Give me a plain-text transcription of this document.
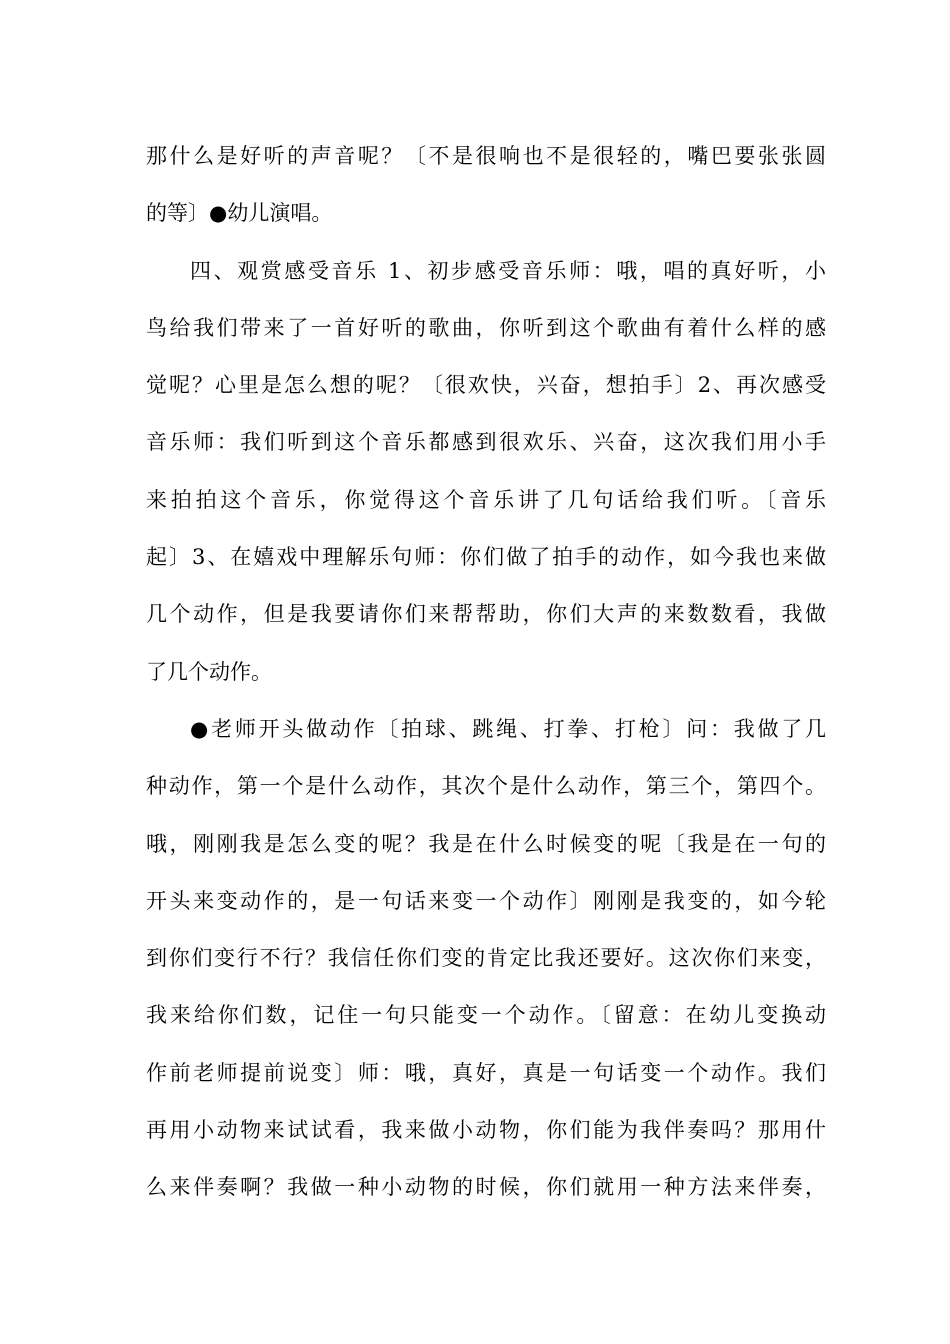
那什么是好听的声音呢？〔不是很响也不是很轻的，嘴巴要张张圆
的等〕●幼儿演唱。
四、观赏感受音乐 1、初步感受音乐师：哦，唱的真好听，小
鸟给我们带来了一首好听的歌曲，你听到这个歌曲有着什么样的感
觉呢？心里是怎么想的呢？〔很欢快，兴奋，想拍手〕2、再次感受
音乐师：我们听到这个音乐都感到很欢乐、兴奋，这次我们用小手
来拍拍这个音乐，你觉得这个音乐讲了几句话给我们听。〔音乐
起〕3、在嬉戏中理解乐句师：你们做了拍手的动作，如今我也来做
几个动作，但是我要请你们来帮帮助，你们大声的来数数看，我做
了几个动作。
●老师开头做动作〔拍球、跳绳、打拳、打枪〕问：我做了几
种动作，第一个是什么动作，其次个是什么动作，第三个，第四个。
哦，刚刚我是怎么变的呢？我是在什么时候变的呢〔我是在一句的
开头来变动作的，是一句话来变一个动作〕刚刚是我变的，如今轮
到你们变行不行？我信任你们变的肯定比我还要好。这次你们来变，
我来给你们数，记住一句只能变一个动作。〔留意：在幼儿变换动
作前老师提前说变〕师：哦，真好，真是一句话变一个动作。我们
再用小动物来试试看，我来做小动物，你们能为我伴奏吗？那用什
么来伴奏啊？我做一种小动物的时候，你们就用一种方法来伴奏，
